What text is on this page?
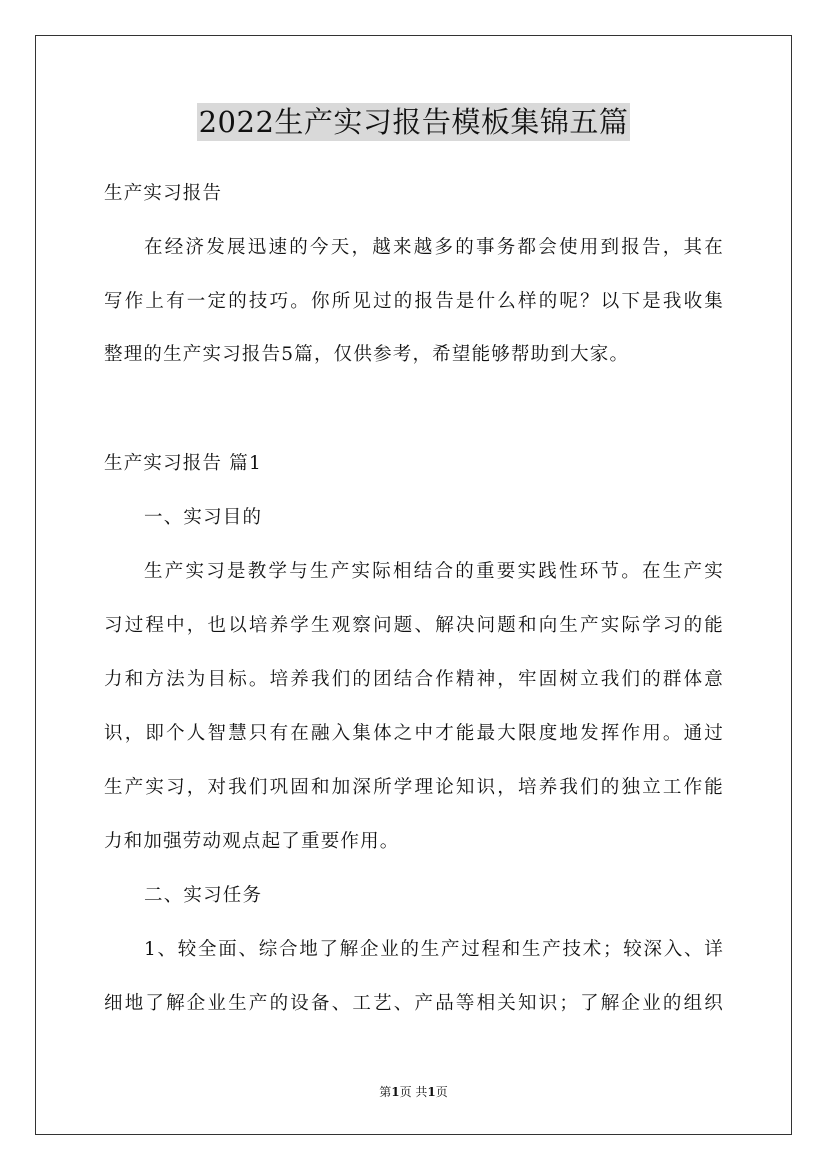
2022生产实习报告模板集锦五篇
生产实习报告
在经济发展迅速的今天，越来越多的事务都会使用到报告，其在
写作上有一定的技巧。你所见过的报告是什么样的呢？以下是我收集
整理的生产实习报告5篇，仅供参考，希望能够帮助到大家。
生产实习报告 篇1
一、实习目的
生产实习是教学与生产实际相结合的重要实践性环节。在生产实
习过程中，也以培养学生观察问题、解决问题和向生产实际学习的能
力和方法为目标。培养我们的团结合作精神，牢固树立我们的群体意
识，即个人智慧只有在融入集体之中才能最大限度地发挥作用。通过
生产实习，对我们巩固和加深所学理论知识，培养我们的独立工作能
力和加强劳动观点起了重要作用。
二、实习任务
1、较全面、综合地了解企业的生产过程和生产技术；较深入、详
细地了解企业生产的设备、工艺、产品等相关知识；了解企业的组织
第1页 共1页
